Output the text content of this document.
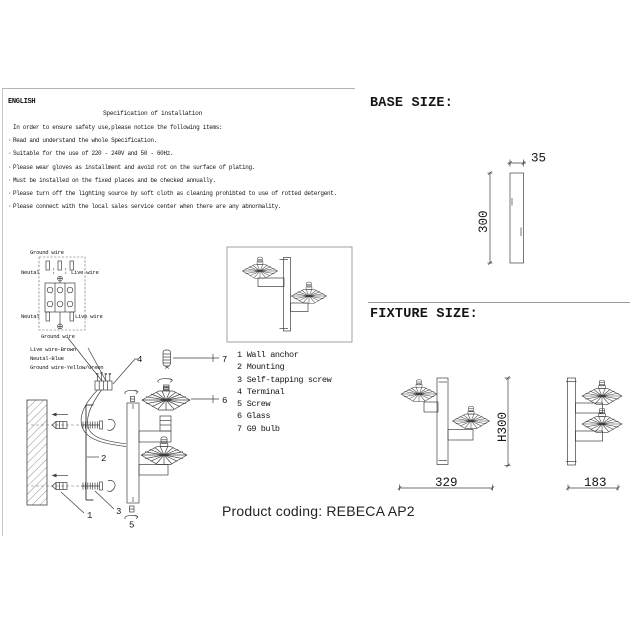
ENGLISH
Specification of installation
In order to ensure safety use,please notice the following items:
· Read and understand the whole Specification.
· Suitable for the use of 220 - 240V and 50 - 60Hz.
· Please wear gloves as installment and avoid rot on the surface of plating.
· Must be installed on the fixed places and be checked annually.
· Please turn off the lighting source by soft cloth as cleaning prohibted to use of rotted detergent.
· Please connect with the local sales service center when there are any abnormality.
Ground wire
Neutal	Live wire
Neutal	Live wire
Ground wire
Live wire-Brown
Neutal-Blue
Ground wire-Yellow/Green
4	7
6
2
1	3
5
1 Wall anchor
2 Mounting
3 Self-tapping screw
4 Terminal
5 Screw
6 Glass
7 G9 bulb
BASE SIZE:
FIXTURE SIZE:
35
300
H300
329	183
Product coding: REBECA AP2
